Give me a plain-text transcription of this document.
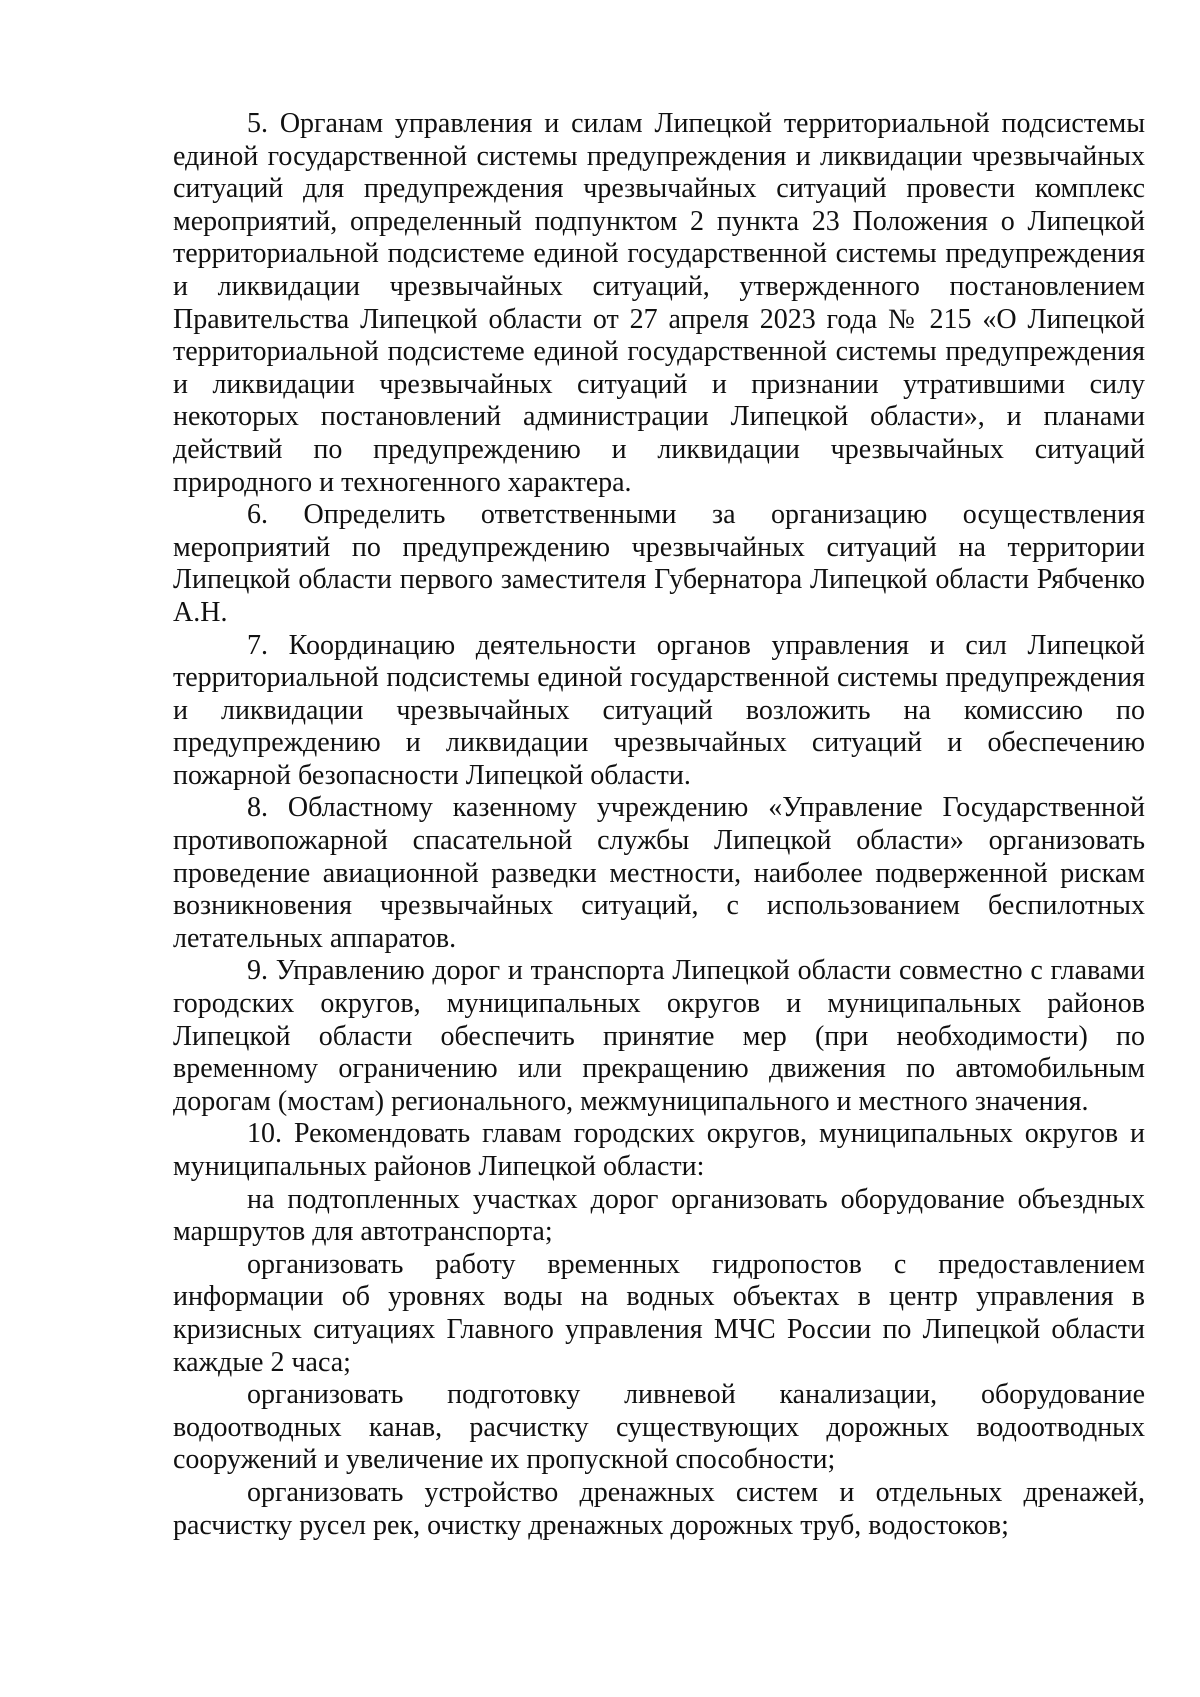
5. Органам управления и силам Липецкой территориальной подсистемы единой государственной системы предупреждения и ликвидации чрезвычайных ситуаций для предупреждения чрезвычайных ситуаций провести комплекс мероприятий, определенный подпунктом 2 пункта 23 Положения о Липецкой территориальной подсистеме единой государственной системы предупреждения и ликвидации чрезвычайных ситуаций, утвержденного постановлением Правительства Липецкой области от 27 апреля 2023 года № 215 «О Липецкой территориальной подсистеме единой государственной системы предупреждения и ликвидации чрезвычайных ситуаций и признании утратившими силу некоторых постановлений администрации Липецкой области», и планами действий по предупреждению и ликвидации чрезвычайных ситуаций природного и техногенного характера.

6. Определить ответственными за организацию осуществления мероприятий по предупреждению чрезвычайных ситуаций на территории Липецкой области первого заместителя Губернатора Липецкой области Рябченко А.Н.

7. Координацию деятельности органов управления и сил Липецкой территориальной подсистемы единой государственной системы предупреждения и ликвидации чрезвычайных ситуаций возложить на комиссию по предупреждению и ликвидации чрезвычайных ситуаций и обеспечению пожарной безопасности Липецкой области.

8. Областному казенному учреждению «Управление Государственной противопожарной спасательной службы Липецкой области» организовать проведение авиационной разведки местности, наиболее подверженной рискам возникновения чрезвычайных ситуаций, с использованием беспилотных летательных аппаратов.

9. Управлению дорог и транспорта Липецкой области совместно с главами городских округов, муниципальных округов и муниципальных районов Липецкой области обеспечить принятие мер (при необходимости) по временному ограничению или прекращению движения по автомобильным дорогам (мостам) регионального, межмуниципального и местного значения.

10. Рекомендовать главам городских округов, муниципальных округов и муниципальных районов Липецкой области:

на подтопленных участках дорог организовать оборудование объездных маршрутов для автотранспорта;

организовать работу временных гидропостов с предоставлением информации об уровнях воды на водных объектах в центр управления в кризисных ситуациях Главного управления МЧС России по Липецкой области каждые 2 часа;

организовать подготовку ливневой канализации, оборудование водоотводных канав, расчистку существующих дорожных водоотводных сооружений и увеличение их пропускной способности;

организовать устройство дренажных систем и отдельных дренажей, расчистку русел рек, очистку дренажных дорожных труб, водостоков;
